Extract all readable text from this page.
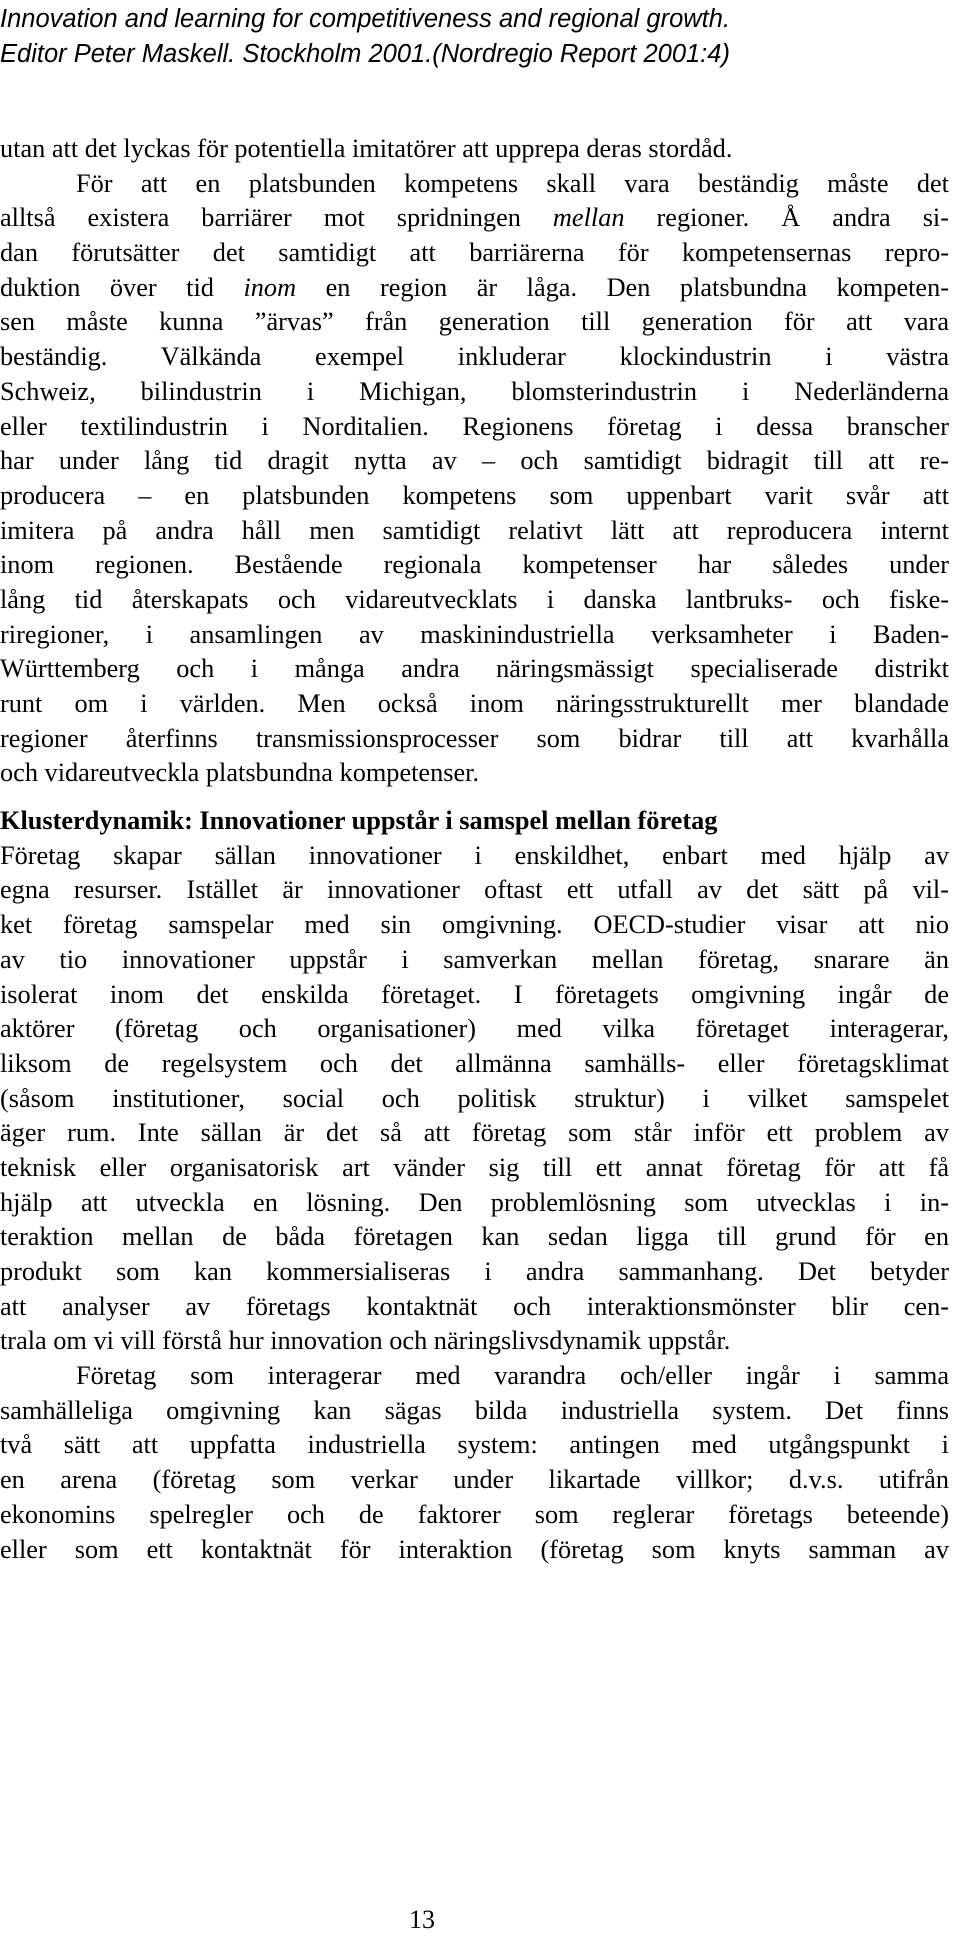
Innovation and learning for competitiveness and regional growth.
Editor Peter Maskell. Stockholm 2001.(Nordregio Report 2001:4)
utan att det lyckas för potentiella imitatörer att upprepa deras stordåd.
För att en platsbunden kompetens skall vara beständig måste det
alltså existera barriärer mot spridningen mellan regioner. Å andra si-
dan förutsätter det samtidigt att barriärerna för kompetensernas repro-
duktion över tid inom en region är låga. Den platsbundna kompeten-
sen måste kunna ”ärvas” från generation till generation för att vara
beständig. Välkända exempel inkluderar klockindustrin i västra
Schweiz, bilindustrin i Michigan, blomsterindustrin i Nederländerna
eller textilindustrin i Norditalien. Regionens företag i dessa branscher
har under lång tid dragit nytta av – och samtidigt bidragit till att re-
producera – en platsbunden kompetens som uppenbart varit svår att
imitera på andra håll men samtidigt relativt lätt att reproducera internt
inom regionen. Bestående regionala kompetenser har således under
lång tid återskapats och vidareutvecklats i danska lantbruks- och fiske-
riregioner, i ansamlingen av maskinindustriella verksamheter i Baden-
Württemberg och i många andra näringsmässigt specialiserade distrikt
runt om i världen. Men också inom näringsstrukturellt mer blandade
regioner återfinns transmissionsprocesser som bidrar till att kvarhålla
och vidareutveckla platsbundna kompetenser.
Klusterdynamik: Innovationer uppstår i samspel mellan företag
Företag skapar sällan innovationer i enskildhet, enbart med hjälp av
egna resurser. Istället är innovationer oftast ett utfall av det sätt på vil-
ket företag samspelar med sin omgivning. OECD-studier visar att nio
av tio innovationer uppstår i samverkan mellan företag, snarare än
isolerat inom det enskilda företaget. I företagets omgivning ingår de
aktörer (företag och organisationer) med vilka företaget interagerar,
liksom de regelsystem och det allmänna samhälls- eller företagsklimat
(såsom institutioner, social och politisk struktur) i vilket samspelet
äger rum. Inte sällan är det så att företag som står inför ett problem av
teknisk eller organisatorisk art vänder sig till ett annat företag för att få
hjälp att utveckla en lösning. Den problemlösning som utvecklas i in-
teraktion mellan de båda företagen kan sedan ligga till grund för en
produkt som kan kommersialiseras i andra sammanhang. Det betyder
att analyser av företags kontaktnät och interaktionsmönster blir cen-
trala om vi vill förstå hur innovation och näringslivsdynamik uppstår.
Företag som interagerar med varandra och/eller ingår i samma
samhälleliga omgivning kan sägas bilda industriella system. Det finns
två sätt att uppfatta industriella system: antingen med utgångspunkt i
en arena (företag som verkar under likartade villkor; d.v.s. utifrån
ekonomins spelregler och de faktorer som reglerar företags beteende)
eller som ett kontaktnät för interaktion (företag som knyts samman av
13
